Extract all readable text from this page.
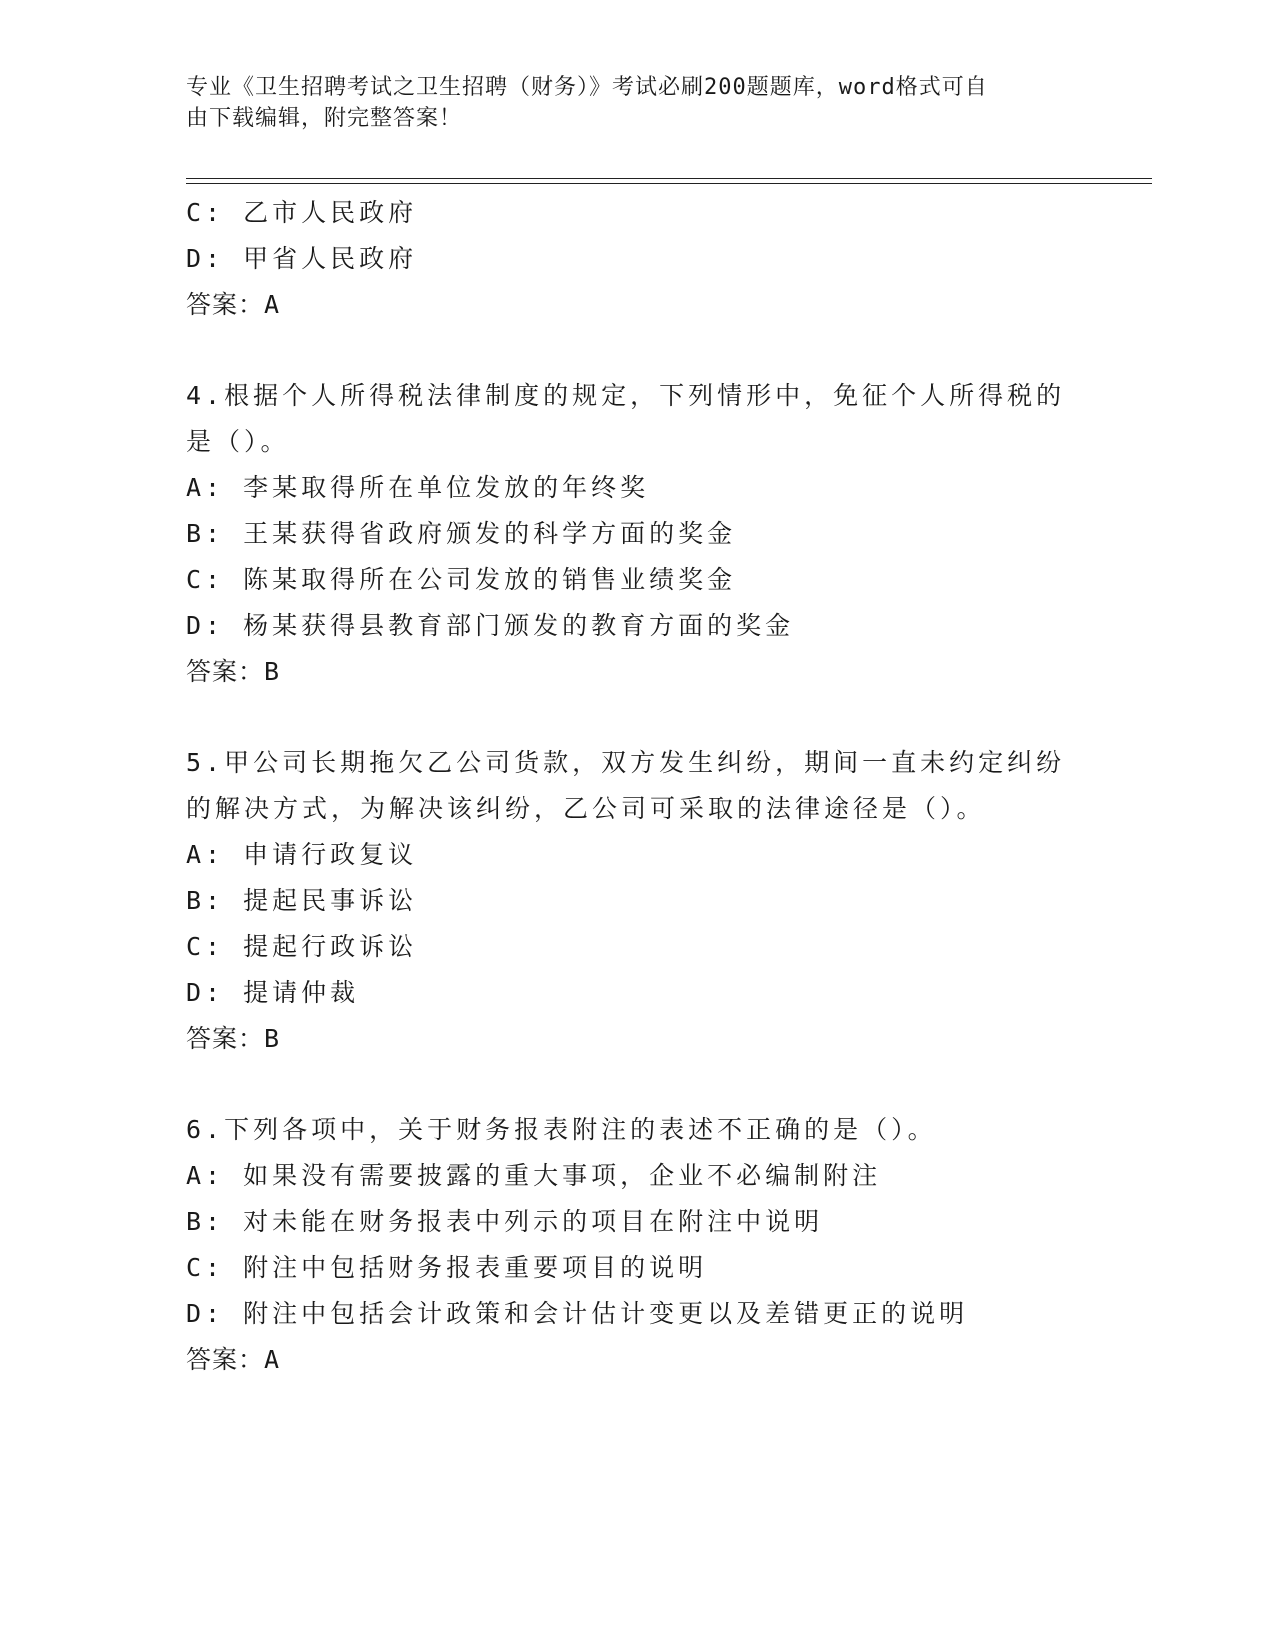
专业《卫生招聘考试之卫生招聘（财务）》考试必刷200题题库，word格式可自
由下载编辑，附完整答案！
C: 乙市人民政府
D: 甲省人民政府
答案：A
4.根据个人所得税法律制度的规定，下列情形中，免征个人所得税的
是（）。
A: 李某取得所在单位发放的年终奖
B: 王某获得省政府颁发的科学方面的奖金
C: 陈某取得所在公司发放的销售业绩奖金
D: 杨某获得县教育部门颁发的教育方面的奖金
答案：B
5.甲公司长期拖欠乙公司货款，双方发生纠纷，期间一直未约定纠纷
的解决方式，为解决该纠纷，乙公司可采取的法律途径是（）。
A: 申请行政复议
B: 提起民事诉讼
C: 提起行政诉讼
D: 提请仲裁
答案：B
6.下列各项中，关于财务报表附注的表述不正确的是（）。
A: 如果没有需要披露的重大事项，企业不必编制附注
B: 对未能在财务报表中列示的项目在附注中说明
C: 附注中包括财务报表重要项目的说明
D: 附注中包括会计政策和会计估计变更以及差错更正的说明
答案：A
